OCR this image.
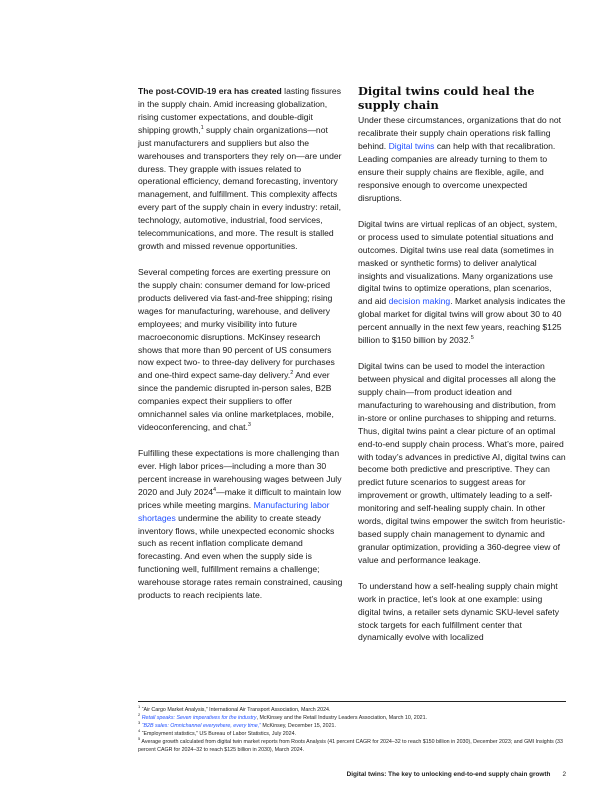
The post-COVID-19 era has created lasting fissures in the supply chain. Amid increasing globalization, rising customer expectations, and double-digit shipping growth,$^1$ supply chain organizations—not just manufacturers and suppliers but also the warehouses and transporters they rely on—are under duress. They grapple with issues related to operational efficiency, demand forecasting, inventory management, and fulfillment. This complexity affects every part of the supply chain in every industry: retail, technology, automotive, industrial, food services, telecommunications, and more. The result is stalled growth and missed revenue opportunities.

Several competing forces are exerting pressure on the supply chain: consumer demand for low-priced products delivered via fast-and-free shipping; rising wages for manufacturing, warehouse, and delivery employees; and murky visibility into future macroeconomic disruptions. McKinsey research shows that more than 90 percent of US consumers now expect two- to three-day delivery for purchases and one-third expect same-day delivery.$^2$ And ever since the pandemic disrupted in-person sales, B2B companies expect their suppliers to offer omnichannel sales via online marketplaces, mobile, videoconferencing, and chat.$^3$

Fulfilling these expectations is more challenging than ever. High labor prices—including a more than 30 percent increase in warehousing wages between July 2020 and July 2024$^4$—make it difficult to maintain low prices while meeting margins. Manufacturing labor shortages undermine the ability to create steady inventory flows, while unexpected economic shocks such as recent inflation complicate demand forecasting. And even when the supply side is functioning well, fulfillment remains a challenge; warehouse storage rates remain constrained, causing products to reach recipients late.

Digital twins could heal the supply chain

Under these circumstances, organizations that do not recalibrate their supply chain operations risk falling behind. Digital twins can help with that recalibration. Leading companies are already turning to them to ensure their supply chains are flexible, agile, and responsive enough to overcome unexpected disruptions.

Digital twins are virtual replicas of an object, system, or process used to simulate potential situations and outcomes. Digital twins use real data (sometimes in masked or synthetic forms) to deliver analytical insights and visualizations. Many organizations use digital twins to optimize operations, plan scenarios, and aid decision making. Market analysis indicates the global market for digital twins will grow about 30 to 40 percent annually in the next few years, reaching $125 billion to $150 billion by 2032.$^5$

Digital twins can be used to model the interaction between physical and digital processes all along the supply chain—from product ideation and manufacturing to warehousing and distribution, from in-store or online purchases to shipping and returns. Thus, digital twins paint a clear picture of an optimal end-to-end supply chain process. What’s more, paired with today’s advances in predictive AI, digital twins can become both predictive and prescriptive. They can predict future scenarios to suggest areas for improvement or growth, ultimately leading to a self-monitoring and self-healing supply chain. In other words, digital twins empower the switch from heuristic-based supply chain management to dynamic and granular optimization, providing a 360-degree view of value and performance leakage.

To understand how a self-healing supply chain might work in practice, let’s look at one example: using digital twins, a retailer sets dynamic SKU-level safety stock targets for each fulfillment center that dynamically evolve with localized

$^1$ “Air Cargo Market Analysis,” International Air Transport Association, March 2024.

$^2$ Retail speaks: Seven imperatives for the industry, McKinsey and the Retail Industry Leaders Association, March 10, 2021.

$^3$ “B2B sales: Omnichannel everywhere, every time,” McKinsey, December 15, 2021.

$^4$ “Employment statistics,” US Bureau of Labor Statistics, July 2024.

$^5$ Average growth calculated from digital twin market reports from Roots Analysis (41 percent CAGR for 2024–32 to reach $150 billion in 2030), December 2023; and GMI Insights (33 percent CAGR for 2024–32 to reach $125 billion in 2030), March 2024.

Digital twins: The key to unlocking end-to-end supply chain growth 2
